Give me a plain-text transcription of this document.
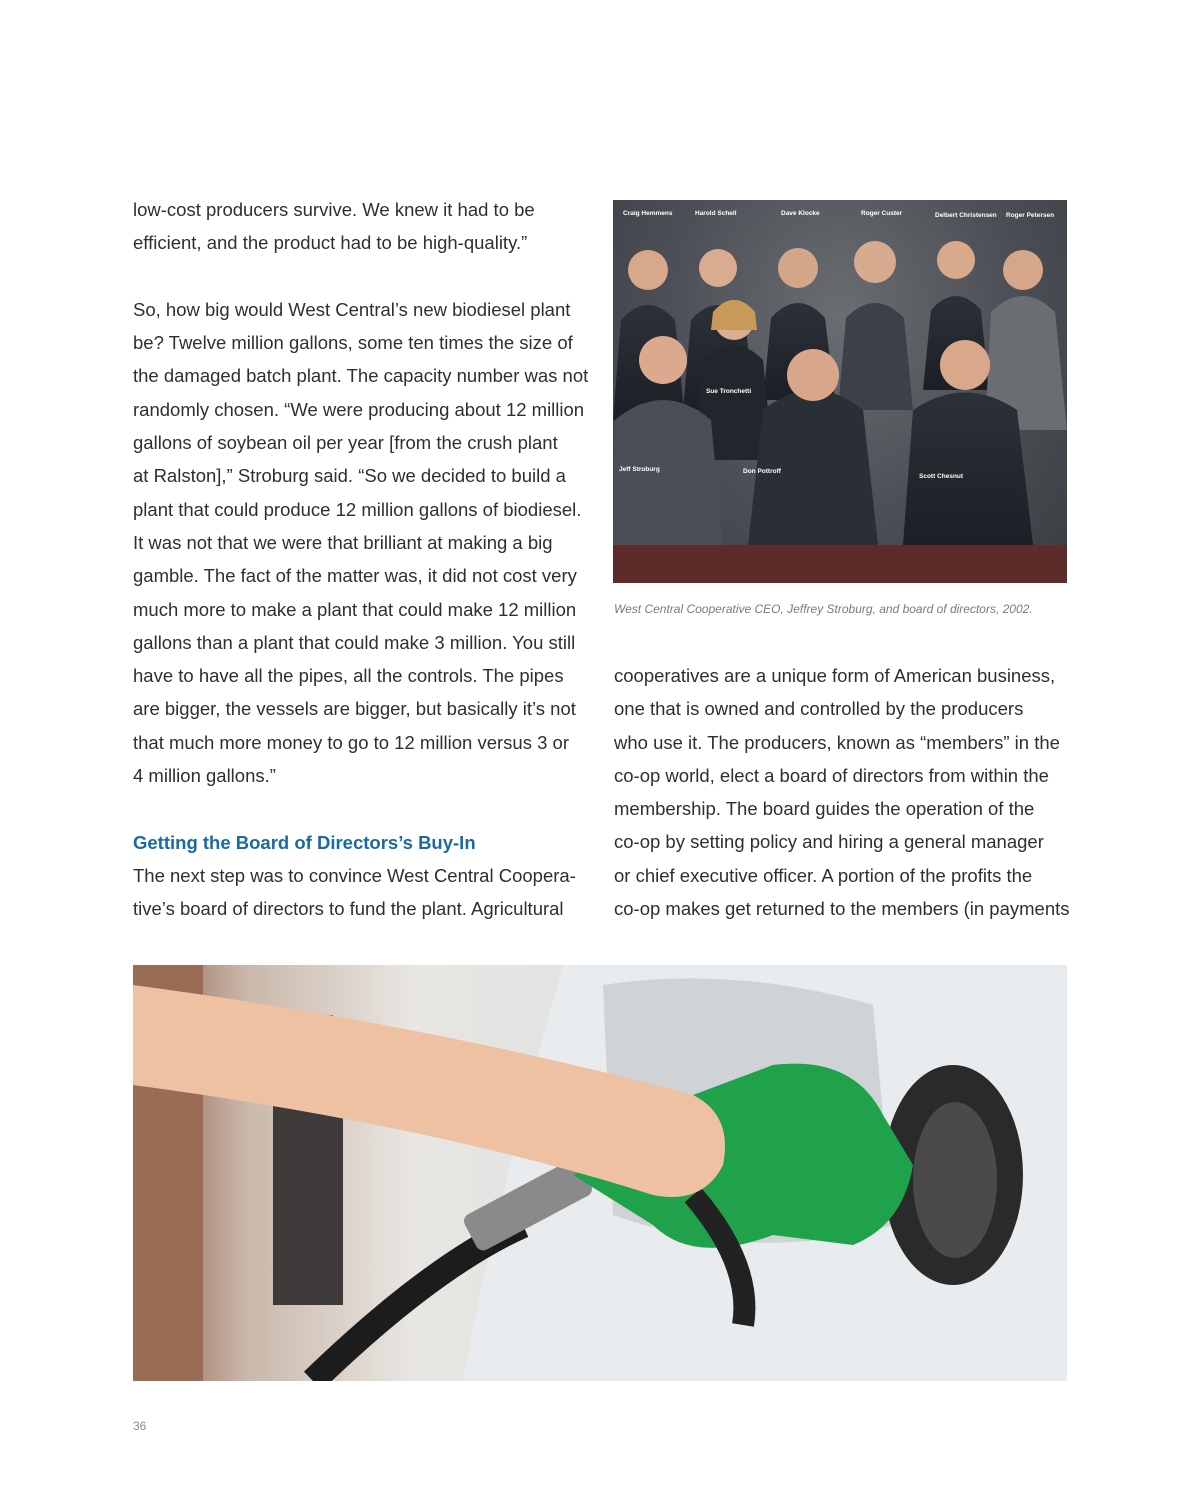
low-cost producers survive. We knew it had to be
efficient, and the product had to be high-quality.”

So, how big would West Central’s new biodiesel plant
be? Twelve million gallons, some ten times the size of
the damaged batch plant. The capacity number was not
randomly chosen. “We were producing about 12 million
gallons of soybean oil per year [from the crush plant
at Ralston],” Stroburg said. “So we decided to build a
plant that could produce 12 million gallons of biodiesel.
It was not that we were that brilliant at making a big
gamble. The fact of the matter was, it did not cost very
much more to make a plant that could make 12 million
gallons than a plant that could make 3 million. You still
have to have all the pipes, all the controls. The pipes
are bigger, the vessels are bigger, but basically it’s not
that much more money to go to 12 million versus 3 or
4 million gallons.”

Getting the Board of Directors’s Buy-In

The next step was to convince West Central Coopera-
tive’s board of directors to fund the plant. Agricultural

Craig Hemmens	Harold Schell	Dave Klocke	Roger Custer	Delbert Christensen Roger Petersen
Sue Tronchetti
Jeff Stroburg	Don Pottroff
Scott Chesnut
West Central Cooperative CEO, Jeffrey Stroburg, and board of directors, 2002.

cooperatives are a unique form of American business,
one that is owned and controlled by the producers
who use it. The producers, known as “members” in the
co-op world, elect a board of directors from within the
membership. The board guides the operation of the
co-op by setting policy and hiring a general manager
or chief executive officer. A portion of the profits the
co-op makes get returned to the members (in payments

36
